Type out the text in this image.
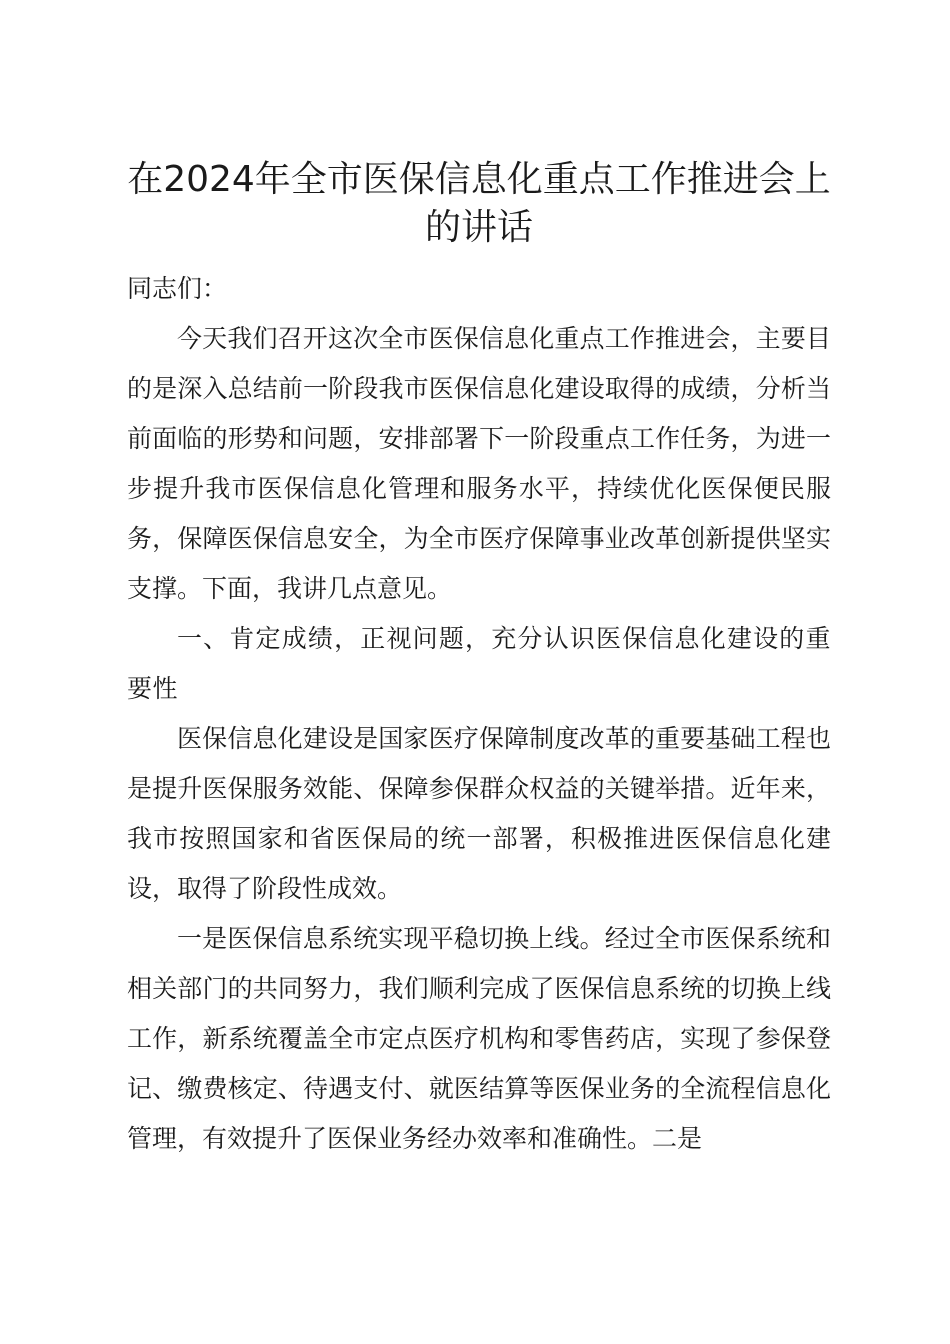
在2024年全市医保信息化重点工作推进会上
的讲话

同志们：

今天我们召开这次全市医保信息化重点工作推进会，主要目的是深入总结前一阶段我市医保信息化建设取得的成绩，分析当前面临的形势和问题，安排部署下一阶段重点工作任务，为进一步提升我市医保信息化管理和服务水平，持续优化医保便民服务，保障医保信息安全，为全市医疗保障事业改革创新提供坚实支撑。下面，我讲几点意见。

一、肯定成绩，正视问题，充分认识医保信息化建设的重要性

医保信息化建设是国家医疗保障制度改革的重要基础工程也是提升医保服务效能、保障参保群众权益的关键举措。近年来，我市按照国家和省医保局的统一部署，积极推进医保信息化建设，取得了阶段性成效。

一是医保信息系统实现平稳切换上线。经过全市医保系统和相关部门的共同努力，我们顺利完成了医保信息系统的切换上线工作，新系统覆盖全市定点医疗机构和零售药店，实现了参保登记、缴费核定、待遇支付、就医结算等医保业务的全流程信息化管理，有效提升了医保业务经办效率和准确性。二是
